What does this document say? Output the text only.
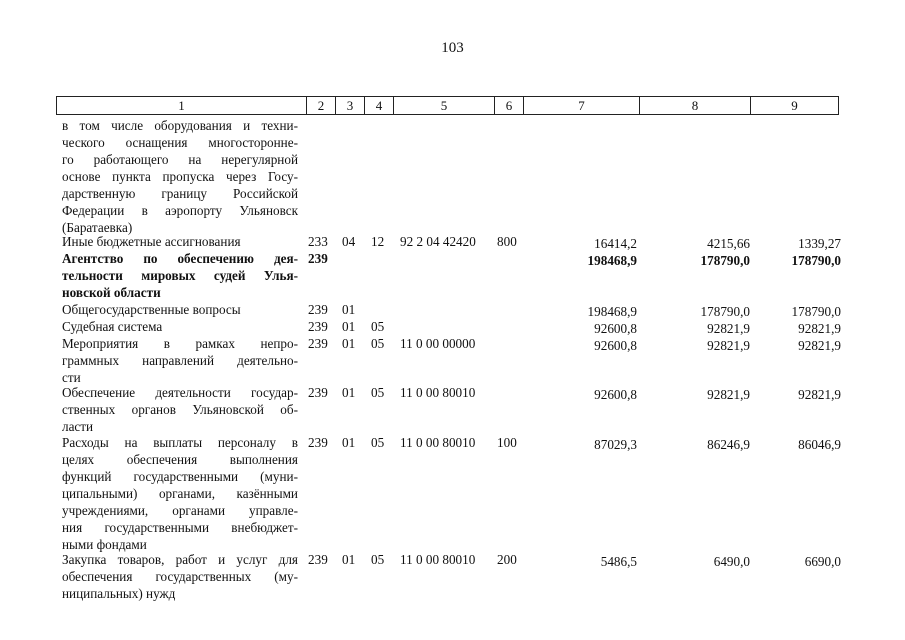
103
1	2	3	4	5	6	7	8	9
в том числе оборудования и техни-
ческого оснащения многосторонне-
го работающего на нерегулярной
основе пункта пропуска через Госу-
дарственную границу Российской
Федерации в аэропорту Ульяновск
(Баратаевка)
Иные бюджетные ассигнования	233 04 12 92 2 04 42420 800	16414,2	4215,66	1339,27
Агентство по обеспечению дея-
тельности мировых судей Улья-
новской области
239	198468,9	178790,0	178790,0
Общегосударственные вопросы	239 01	198468,9	178790,0	178790,0
Судебная система	239 01 05	92600,8	92821,9	92821,9
Мероприятия в рамках непро-
граммных направлений деятельно-
сти
239 01 05 11 0 00 00000	92600,8	92821,9	92821,9
Обеспечение деятельности государ-
ственных органов Ульяновской об-
ласти
239 01 05 11 0 00 80010	92600,8	92821,9	92821,9
Расходы на выплаты персоналу в
целях обеспечения выполнения
функций государственными (муни-
ципальными) органами, казёнными
учреждениями, органами управле-
ния государственными внебюджет-
ными фондами
239 01 05 11 0 00 80010 100	87029,3	86246,9	86046,9
Закупка товаров, работ и услуг для
обеспечения государственных (му-
ниципальных) нужд
239 01 05 11 0 00 80010 200	5486,5	6490,0	6690,0
